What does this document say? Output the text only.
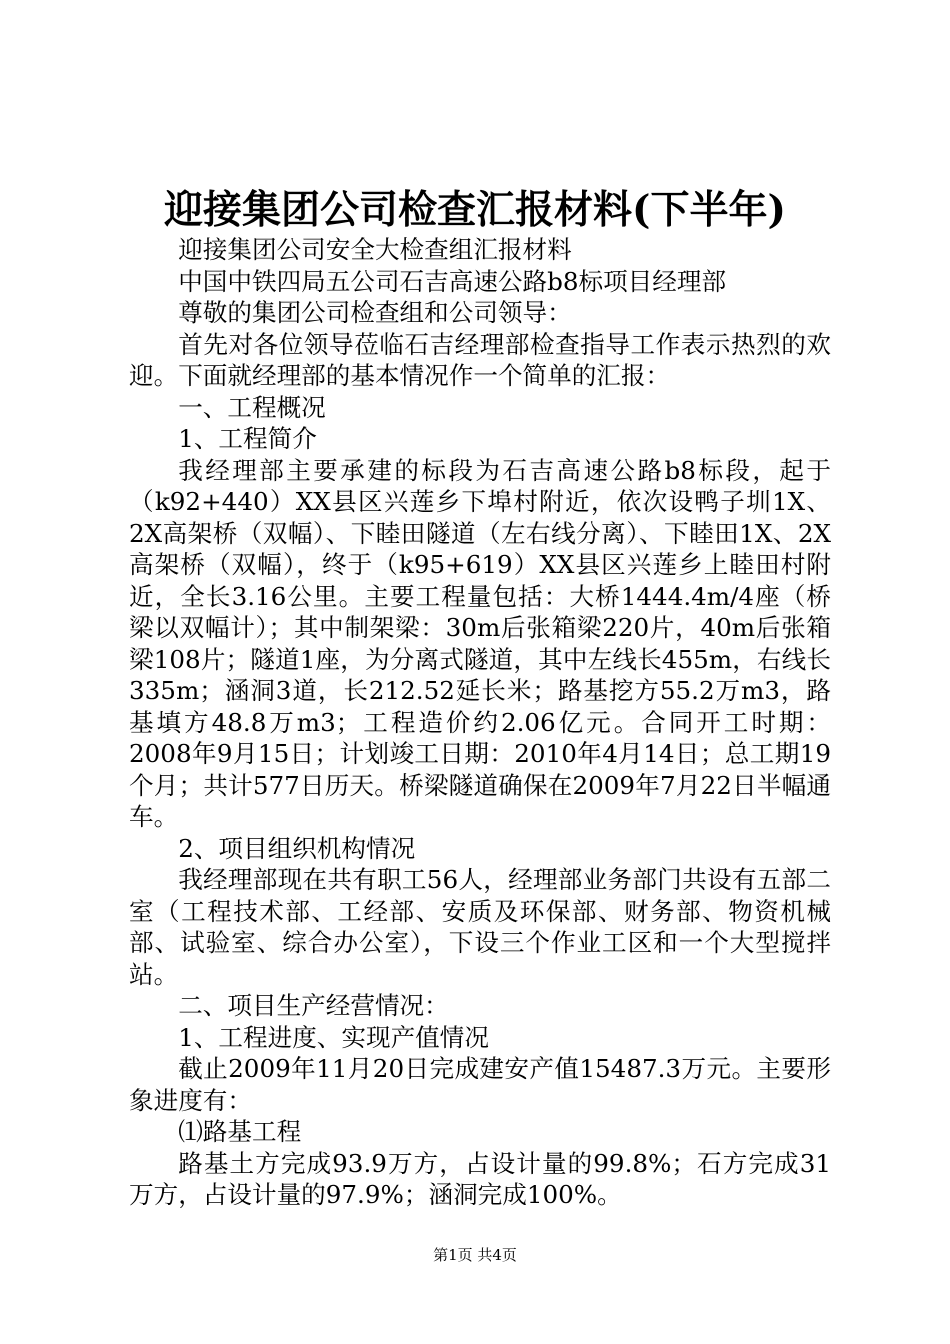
迎接集团公司检查汇报材料(下半年)

迎接集团公司安全大检查组汇报材料

中国中铁四局五公司石吉高速公路b8标项目经理部

尊敬的集团公司检查组和公司领导：

首先对各位领导莅临石吉经理部检查指导工作表示热烈的欢迎。下面就经理部的基本情况作一个简单的汇报：

一、工程概况

1、工程简介

我经理部主要承建的标段为石吉高速公路b8标段，起于（k92+440）XX县区兴莲乡下埠村附近，依次设鸭子圳1X、2X高架桥（双幅）、下睦田隧道（左右线分离）、下睦田1X、2X高架桥（双幅），终于（k95+619）XX县区兴莲乡上睦田村附近，全长3.16公里。主要工程量包括：大桥1444.4m/4座（桥梁以双幅计）；其中制架梁：30m后张箱梁220片，40m后张箱梁108片；隧道1座，为分离式隧道，其中左线长455m，右线长335m；涵洞3道，长212.52延长米；路基挖方55.2万m3，路基填方48.8万m3；工程造价约2.06亿元。合同开工时期：2008年9月15日；计划竣工日期：2010年4月14日；总工期19个月；共计577日历天。桥梁隧道确保在2009年7月22日半幅通车。

2、项目组织机构情况

我经理部现在共有职工56人，经理部业务部门共设有五部二室（工程技术部、工经部、安质及环保部、财务部、物资机械部、试验室、综合办公室），下设三个作业工区和一个大型搅拌站。

二、项目生产经营情况：

1、工程进度、实现产值情况

截止2009年11月20日完成建安产值15487.3万元。主要形象进度有：

⑴路基工程

路基土方完成93.9万方，占设计量的99.8%；石方完成31万方，占设计量的97.9%；涵洞完成100%。

第1页 共4页
